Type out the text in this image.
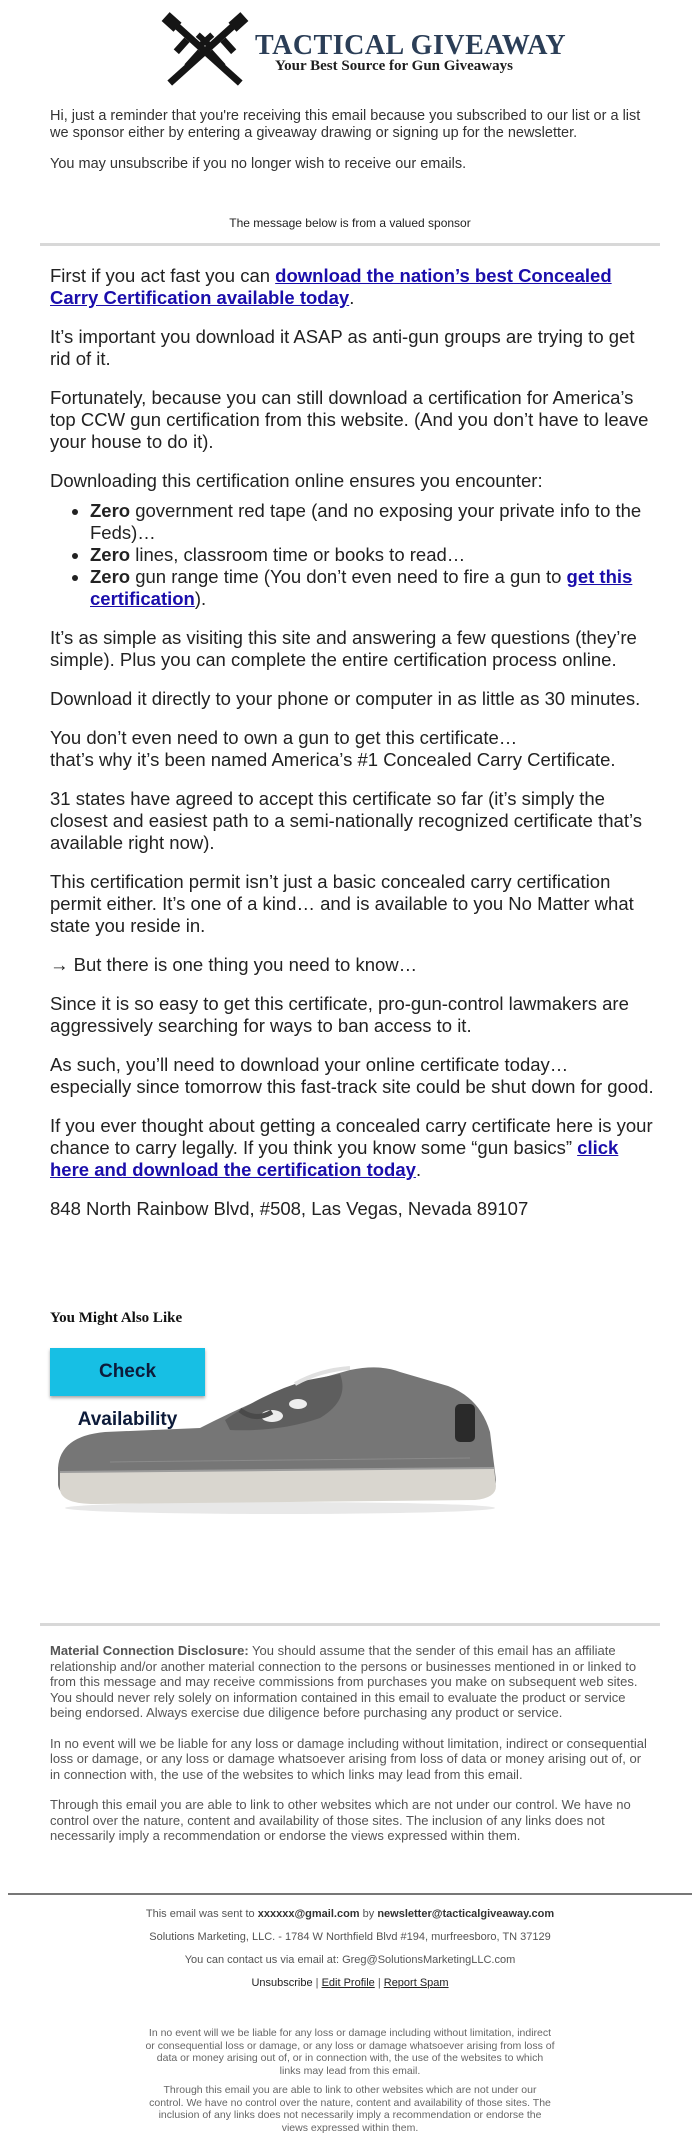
TACTICAL GIVEAWAY
Your Best Source for Gun Giveaways

Hi, just a reminder that you're receiving this email because you subscribed to our list or a list we sponsor either by entering a giveaway drawing or signing up for the newsletter.

You may unsubscribe if you no longer wish to receive our emails.

The message below is from a valued sponsor

First if you act fast you can download the nation’s best Concealed Carry Certification available today.

It’s important you download it ASAP as anti-gun groups are trying to get rid of it.

Fortunately, because you can still download a certification for America’s top CCW gun certification from this website. (And you don’t have to leave your house to do it).

Downloading this certification online ensures you encounter:

• Zero government red tape (and no exposing your private info to the Feds)…
• Zero lines, classroom time or books to read…
• Zero gun range time (You don’t even need to fire a gun to get this certification).

It’s as simple as visiting this site and answering a few questions (they’re simple). Plus you can complete the entire certification process online.

Download it directly to your phone or computer in as little as 30 minutes.

You don’t even need to own a gun to get this certificate…
that’s why it’s been named America’s #1 Concealed Carry Certificate.

31 states have agreed to accept this certificate so far (it’s simply the closest and easiest path to a semi-nationally recognized certificate that’s available right now).

This certification permit isn’t just a basic concealed carry certification permit either. It’s one of a kind… and is available to you No Matter what state you reside in.

→ But there is one thing you need to know…

Since it is so easy to get this certificate, pro-gun-control lawmakers are aggressively searching for ways to ban access to it.

As such, you’ll need to download your online certificate today…
especially since tomorrow this fast-track site could be shut down for good.

If you ever thought about getting a concealed carry certificate here is your chance to carry legally. If you think you know some “gun basics” click here and download the certification today.

848 North Rainbow Blvd, #508, Las Vegas, Nevada 89107

You Might Also Like
Check Availability

Material Connection Disclosure: You should assume that the sender of this email has an affiliate relationship and/or another material connection to the persons or businesses mentioned in or linked to from this message and may receive commissions from purchases you make on subsequent web sites. You should never rely solely on information contained in this email to evaluate the product or service being endorsed. Always exercise due diligence before purchasing any product or service.

In no event will we be liable for any loss or damage including without limitation, indirect or consequential loss or damage, or any loss or damage whatsoever arising from loss of data or money arising out of, or in connection with, the use of the websites to which links may lead from this email.

Through this email you are able to link to other websites which are not under our control. We have no control over the nature, content and availability of those sites. The inclusion of any links does not necessarily imply a recommendation or endorse the views expressed within them.

This email was sent to xxxxxx@gmail.com by newsletter@tacticalgiveaway.com
Solutions Marketing, LLC. - 1784 W Northfield Blvd #194, murfreesboro, TN 37129
You can contact us via email at: Greg@SolutionsMarketingLLC.com
Unsubscribe | Edit Profile | Report Spam
In no event will we be liable for any loss or damage including without limitation, indirect or consequential loss or damage, or any loss or damage whatsoever arising from loss of data or money arising out of, or in connection with, the use of the websites to which links may lead from this email.
Through this email you are able to link to other websites which are not under our control. We have no control over the nature, content and availability of those sites. The inclusion of any links does not necessarily imply a recommendation or endorse the views expressed within them.
